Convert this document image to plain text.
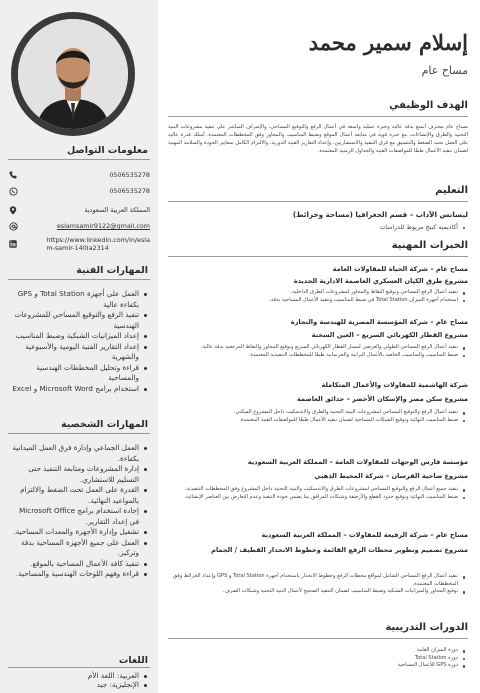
معلومات التواصل
0506535278
0506535278
المملكة العربية السعودية
eslamsamir9122@gmail.com
https://www.linkedin.com/in/esla
m-samir-140la2314
المهارات الفنية
العمل على أجهزة Total Station و GPS بكفاءة عالية
تنفيذ الرفع والتوقيع المساحي للمشروعات الهندسية
إعداد الميزانيات الشبكية وضبط المناسيب
إعداد التقارير الفنية اليومية والأسبوعية والشهرية
قراءة وتحليل المخططات الهندسية والمساحية
استخدام برامج Microsoft Word و Excel
المهارات الشخصية
العمل الجماعي وإدارة فرق العمل الميدانية بكفاءة.
إدارة المشروعات ومتابعة التنفيذ حتى التسليم للاستشاري.
القدرة على العمل تحت الضغط والالتزام بالمواعيد النهائية.
إجادة استخدام برامج Microsoft Office في إعداد التقارير.
تشغيل وإدارة الأجهزة والمعدات المساحية.
العمل على جميع الأجهزة المساحية بدقة وتركيز.
تنفيذ كافة الأعمال المساحية بالموقع.
قراءة وفهم اللوحات الهندسية والمساحية.
اللغات
العربية: اللغة الأم
الإنجليزية: جيد
إسلام سمير محمد
مساح عام
الهدف الوظيفي
مساح عام محترف أتمتع بدقة عالية وخبرة عملية واسعة في أعمال الرفع والتوقيع المساحي، والإشراف المباشر على تنفيذ مشروعات البنية التحتية والطرق والإنشاءات، مع خبرة قوية في متابعة أعمال الموقع وضبط المناسيب والمحاور وفق المخططات المعتمدة. أمتلك قدرة عالية على العمل تحت الضغط والتنسيق مع فرق التنفيذ والاستشاريين، وإعداد التقارير الفنية الدورية، والالتزام الكامل بمعايير الجودة والسلامة المهنية لضمان تنفيذ الأعمال طبقًا للمواصفات الفنية والجداول الزمنية المعتمدة.
التعليم
ليسانس الآداب – قسم الجغرافيا (مساحة وخرائط)
أكاديمية كينج مريوط للدراسات
الخبرات المهنية
مساح عام – شركة الحياة للمقاولات العامة
مشروع طرق الكيان العسكري العاصمة الادارية الجديدة
تنفيذ أعمال الرفع المساحي وتوقيع النقاط والمحاور لمشروعات الطرق الداخلية.
استخدام أجهزة الميزان Total Station في ضبط المناسيب وتنفيذ الأعمال المساحية بدقة.
مساح عام – شركة المؤسسة المصرية للهندسة والتجارة
مشروع القطار الكهربائي السريع – العين السخنة
تنفيذ أعمال الرفع المساحي الطولي والعرضي لمسار القطار الكهربائي السريع وتوقيع المحاور والنقاط المرجعية بدقة عالية.
ضبط المناسيب والمناسيب الخاصة بالأعمال الترابية والخرسانية طبقًا للمخططات التنفيذية المعتمدة.
شركة الهاشمية للمقاولات والأعمال المتكاملة
مشروع سكن مصر والإسكان الأخضر – حدائق العاصمة
تنفيذ أعمال الرفع والتوقيع المساحي لمشروعات البنية التحتية والطرق والاندسكيب داخل المشروع السكني.
ضبط المناسيب النهائية وتوقيع الشبكات المساحية لضمان تنفيذ الأعمال طبقًا للمواصفات الفنية المعتمدة.
مؤسسة فارس الوجهات للمقاولات العامة – المملكة العربية السعودية
مشروع ضاحية الفرسان – شركة المحيط الذهبي
تنفيذ جميع أعمال الرفع والتوقيع المساحي لمشروعات الطرق والاندسكيب والبنية التحتية داخل المشروع وفق المخططات التنفيذية.
ضبط المناسيب النهائية وتوقيع حدود القطع والأرصفة وشبكات المرافق بما يضمن جودة التنفيذ وعدم التعارض بين العناصر الإنشائية.
مساح عام – شركة الرفيعة للمقاولات – المملكة العربية السعودية
مشروع تصميم وتطوير محطات الرفع القائمة وخطوط الانحدار القطيف / الجمام
تنفيذ أعمال الرفع المساحي الشامل لمواقع محطات الرفع وخطوط الانحدار باستخدام أجهزة Total Station و GPS وإعداد الخرائط وفق المخططات المعتمدة.
توقيع المحاور والميزانيات الشبكية وضبط المناسيب لضمان التنفيذ الصحيح لأعمال البنية التحتية وشبكات الصرف.
الدورات التدريبية
دورة الميزان القامة
دورة Total Station
دورة GPS للأعمال المساحية
